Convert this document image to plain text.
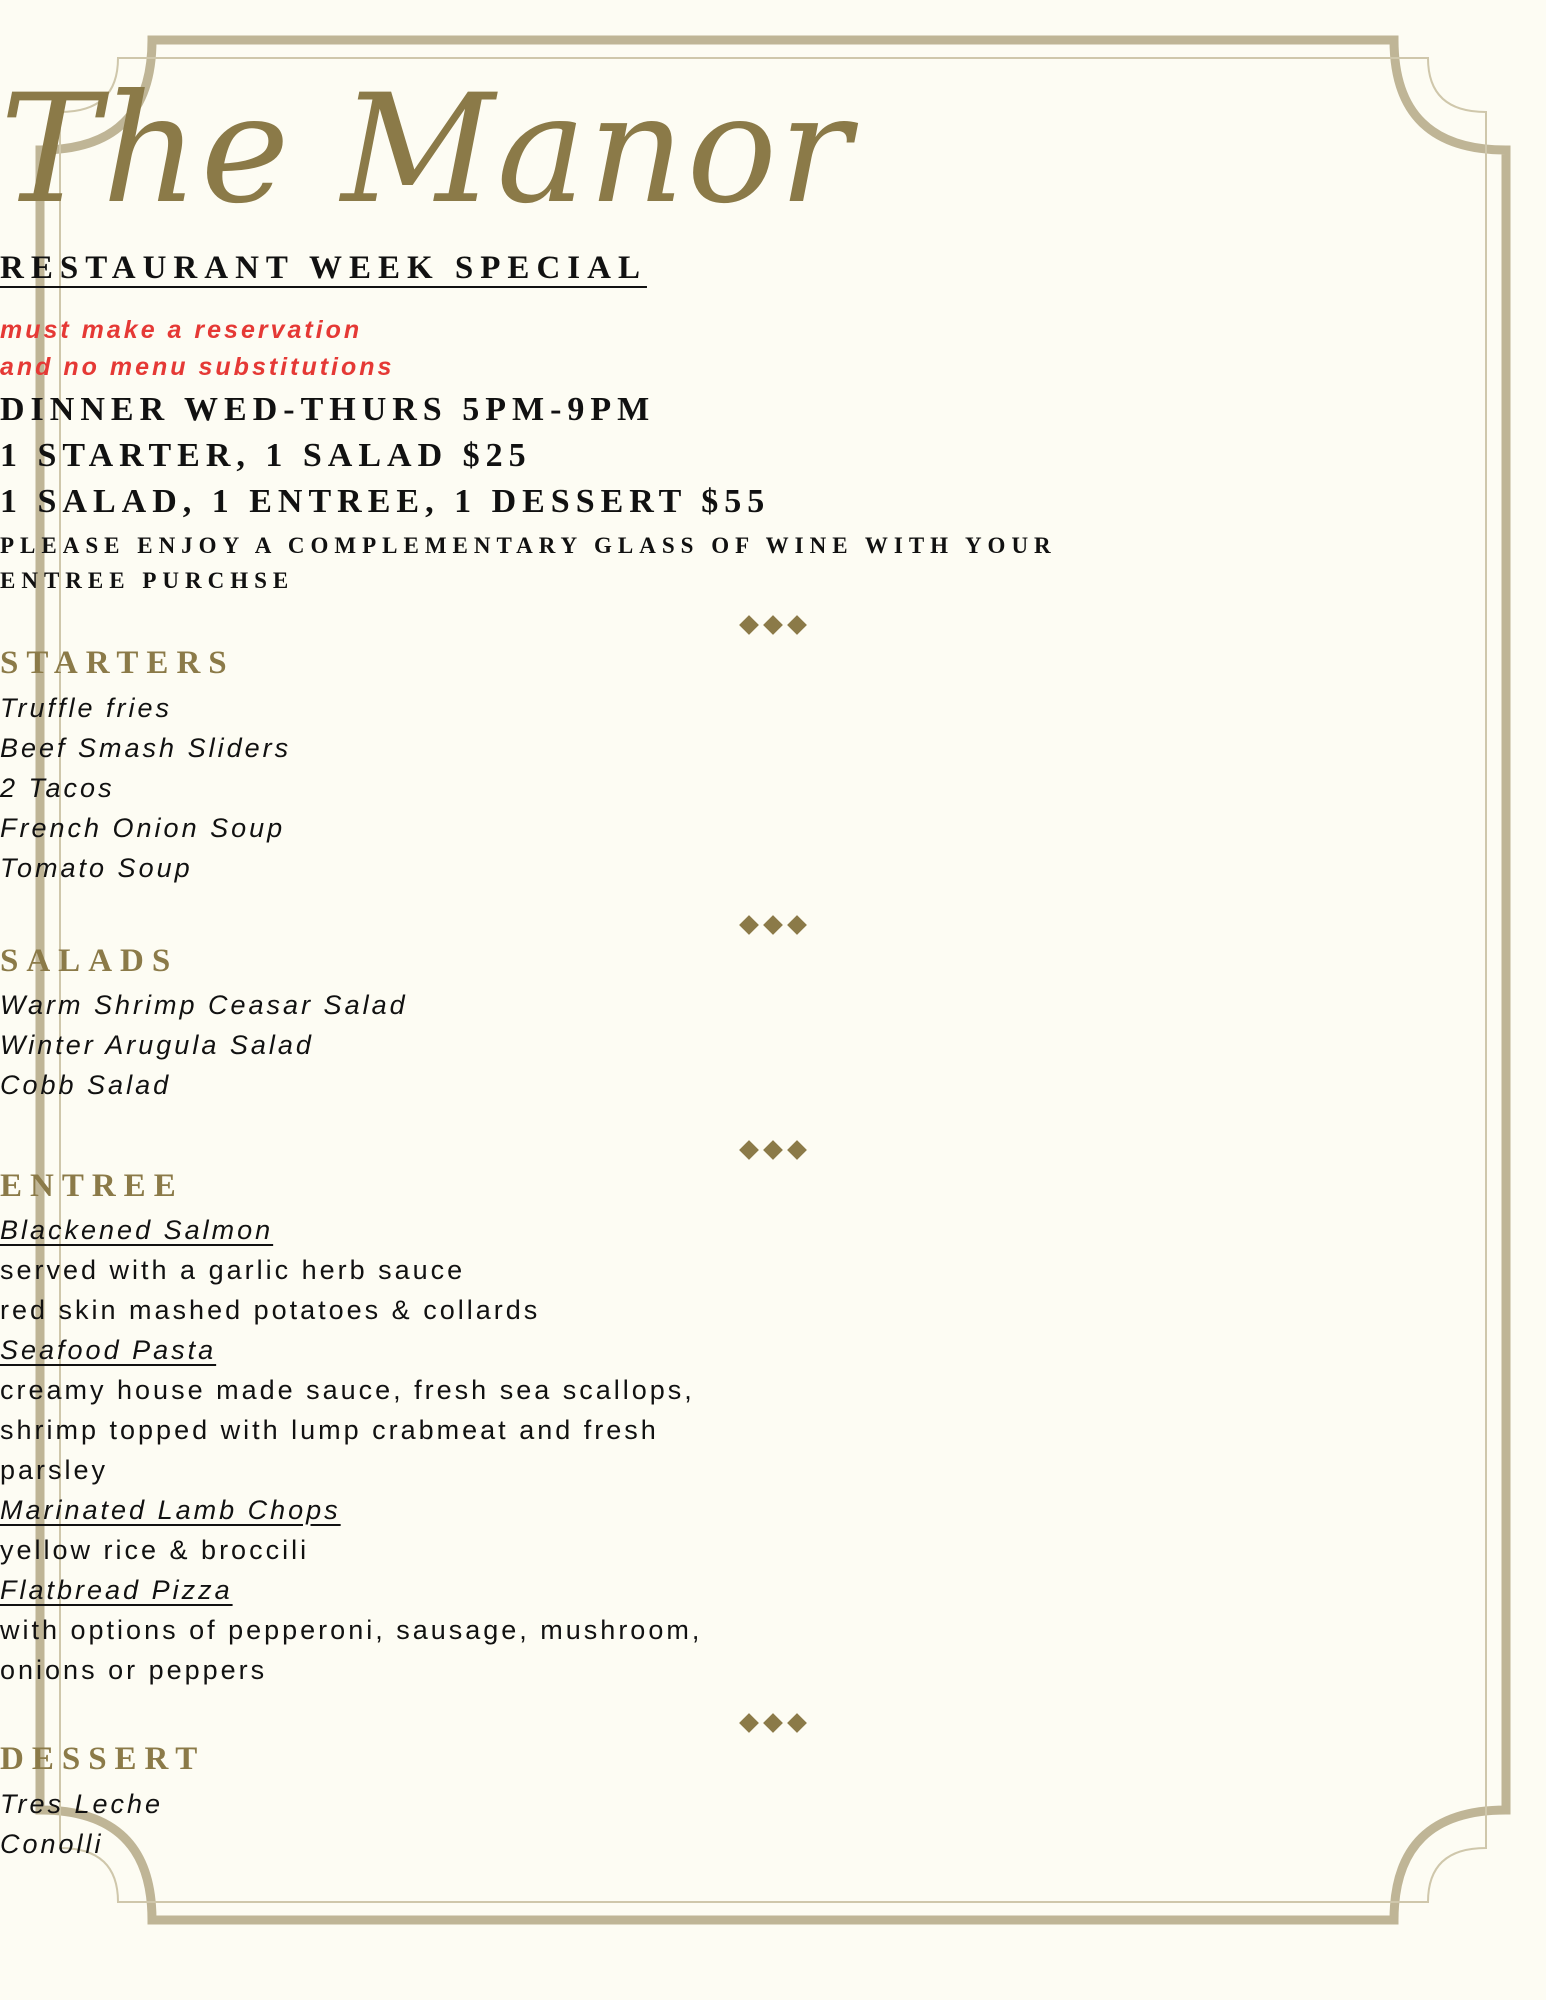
The Manor
RESTAURANT WEEK SPECIAL
must make a reservation
and no menu substitutions
DINNER WED-THURS 5PM-9PM
1 STARTER, 1 SALAD $25
1 SALAD, 1 ENTREE, 1 DESSERT $55
PLEASE ENJOY A COMPLEMENTARY GLASS OF WINE WITH YOUR
ENTREE PURCHSE
STARTERS
Truffle fries
Beef Smash Sliders
2 Tacos
French Onion Soup
Tomato Soup
SALADS
Warm Shrimp Ceasar Salad
Winter Arugula Salad
Cobb Salad
ENTREE
Blackened Salmon
served with a garlic herb sauce
red skin mashed potatoes & collards
Seafood Pasta
creamy house made sauce, fresh sea scallops,
shrimp topped with lump crabmeat and fresh
parsley
Marinated Lamb Chops
yellow rice & broccili
Flatbread Pizza
with options of pepperoni, sausage, mushroom,
onions or peppers
DESSERT
Tres Leche
Conolli
